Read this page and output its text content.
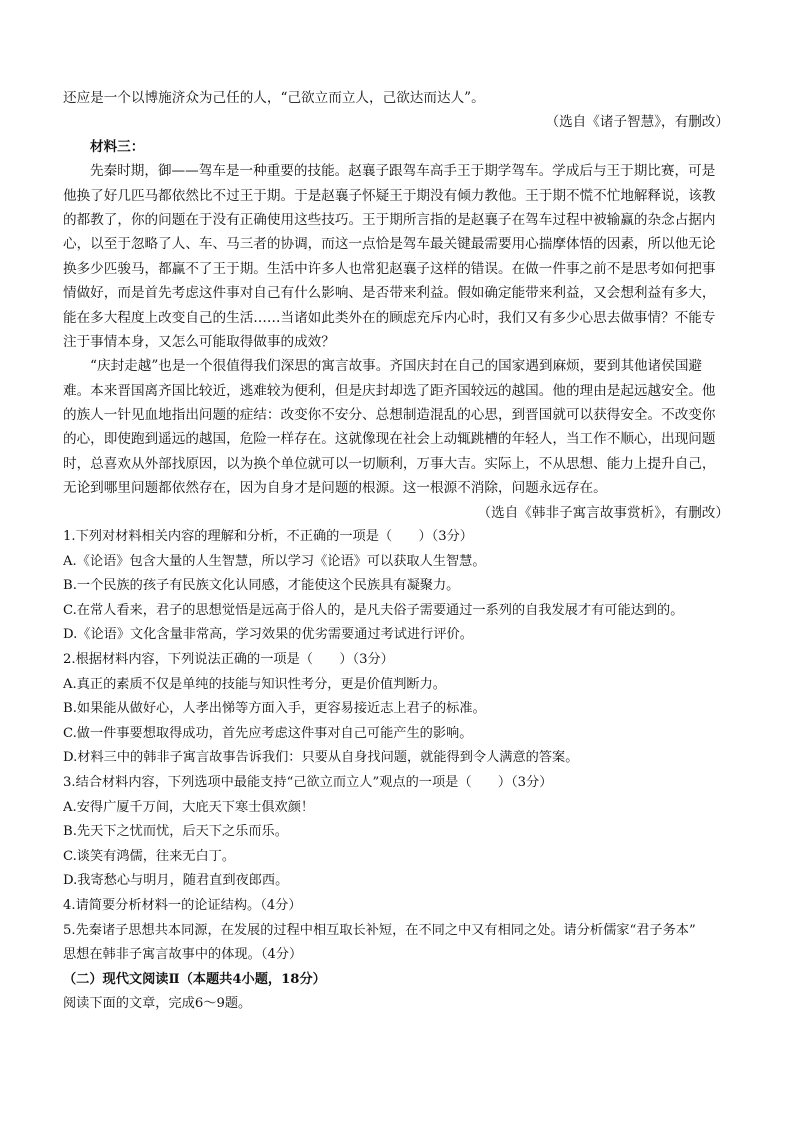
还应是一个以博施济众为己任的人，“己欲立而立人，己欲达而达人”。
（选自《诸子智慧》，有删改）
材料三：
先秦时期，御——驾车是一种重要的技能。赵襄子跟驾车高手王于期学驾车。学成后与王于期比赛，可是
他换了好几匹马都依然比不过王于期。于是赵襄子怀疑王于期没有倾力教他。王于期不慌不忙地解释说，该教
的都教了，你的问题在于没有正确使用这些技巧。王于期所言指的是赵襄子在驾车过程中被输赢的杂念占据内
心，以至于忽略了人、车、马三者的协调，而这一点恰是驾车最关键最需要用心揣摩体悟的因素，所以他无论
换多少匹骏马，都赢不了王于期。生活中许多人也常犯赵襄子这样的错误。在做一件事之前不是思考如何把事
情做好，而是首先考虑这件事对自己有什么影响、是否带来利益。假如确定能带来利益，又会想利益有多大，
能在多大程度上改变自己的生活……当诸如此类外在的顾虑充斥内心时，我们又有多少心思去做事情？不能专
注于事情本身，又怎么可能取得做事的成效？
“庆封走越”也是一个很值得我们深思的寓言故事。齐国庆封在自己的国家遇到麻烦，要到其他诸侯国避
难。本来晋国离齐国比较近，逃难较为便利，但是庆封却选了距齐国较远的越国。他的理由是起远越安全。他
的族人一针见血地指出问题的症结：改变你不安分、总想制造混乱的心思，到晋国就可以获得安全。不改变你
的心，即使跑到遥远的越国，危险一样存在。这就像现在社会上动辄跳槽的年轻人，当工作不顺心，出现问题
时，总喜欢从外部找原因，以为换个单位就可以一切顺利，万事大吉。实际上，不从思想、能力上提升自己，
无论到哪里问题都依然存在，因为自身才是问题的根源。这一根源不消除，问题永远存在。
（选自《韩非子寓言故事赏析》，有删改）
1.下列对材料相关内容的理解和分析，不正确的一项是（　　）（3分）
A.《论语》包含大量的人生智慧，所以学习《论语》可以获取人生智慧。
B.一个民族的孩子有民族文化认同感，才能使这个民族具有凝聚力。
C.在常人看来，君子的思想觉悟是远高于俗人的，是凡夫俗子需要通过一系列的自我发展才有可能达到的。
D.《论语》文化含量非常高，学习效果的优劣需要通过考试进行评价。
2.根据材料内容，下列说法正确的一项是（　　）（3分）
A.真正的素质不仅是单纯的技能与知识性考分，更是价值判断力。
B.如果能从做好心，人孝出悌等方面入手，更容易接近志上君子的标准。
C.做一件事要想取得成功，首先应考虑这件事对自己可能产生的影响。
D.材料三中的韩非子寓言故事告诉我们：只要从自身找问题，就能得到令人满意的答案。
3.结合材料内容，下列选项中最能支持“己欲立而立人”观点的一项是（　　）（3分）
A.安得广厦千万间，大庇天下寒士俱欢颜！
B.先天下之忧而忧，后天下之乐而乐。
C.谈笑有鸿儒，往来无白丁。
D.我寄愁心与明月，随君直到夜郎西。
4.请简要分析材料一的论证结构。（4分）
5.先秦诸子思想共本同源，在发展的过程中相互取长补短，在不同之中又有相同之处。请分析儒家“君子务本”
思想在韩非子寓言故事中的体现。（4分）
（二）现代文阅读Ⅱ（本题共4小题，18分）
阅读下面的文章，完成6～9题。
